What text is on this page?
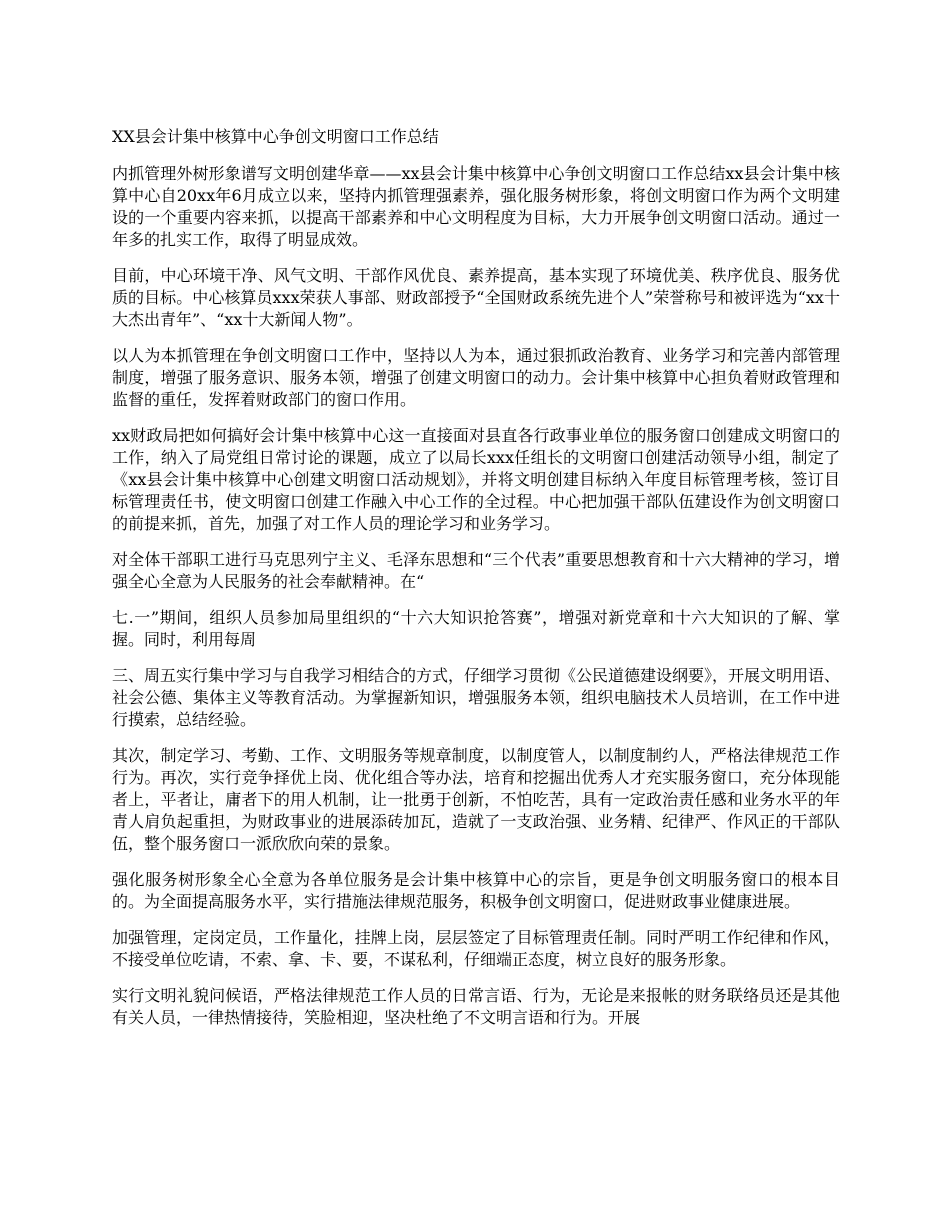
XX县会计集中核算中心争创文明窗口工作总结

内抓管理外树形象谱写文明创建华章——xx县会计集中核算中心争创文明窗口工作总结xx县会计集中核算中心自20xx年6月成立以来，坚持内抓管理强素养，强化服务树形象，将创文明窗口作为两个文明建设的一个重要内容来抓，以提高干部素养和中心文明程度为目标，大力开展争创文明窗口活动。通过一年多的扎实工作，取得了明显成效。

目前，中心环境干净、风气文明、干部作风优良、素养提高，基本实现了环境优美、秩序优良、服务优质的目标。中心核算员xxx荣获人事部、财政部授予“全国财政系统先进个人”荣誉称号和被评选为“xx十大杰出青年”、“xx十大新闻人物”。

以人为本抓管理在争创文明窗口工作中，坚持以人为本，通过狠抓政治教育、业务学习和完善内部管理制度，增强了服务意识、服务本领，增强了创建文明窗口的动力。会计集中核算中心担负着财政管理和监督的重任，发挥着财政部门的窗口作用。

xx财政局把如何搞好会计集中核算中心这一直接面对县直各行政事业单位的服务窗口创建成文明窗口的工作，纳入了局党组日常讨论的课题，成立了以局长xxx任组长的文明窗口创建活动领导小组，制定了《xx县会计集中核算中心创建文明窗口活动规划》，并将文明创建目标纳入年度目标管理考核，签订目标管理责任书，使文明窗口创建工作融入中心工作的全过程。中心把加强干部队伍建设作为创文明窗口的前提来抓，首先，加强了对工作人员的理论学习和业务学习。

对全体干部职工进行马克思列宁主义、毛泽东思想和“三个代表”重要思想教育和十六大精神的学习，增强全心全意为人民服务的社会奉献精神。在“

七.一”期间，组织人员参加局里组织的“十六大知识抢答赛”，增强对新党章和十六大知识的了解、掌握。同时，利用每周

三、周五实行集中学习与自我学习相结合的方式，仔细学习贯彻《公民道德建设纲要》，开展文明用语、社会公德、集体主义等教育活动。为掌握新知识，增强服务本领，组织电脑技术人员培训，在工作中进行摸索，总结经验。

其次，制定学习、考勤、工作、文明服务等规章制度，以制度管人，以制度制约人，严格法律规范工作行为。再次，实行竞争择优上岗、优化组合等办法，培育和挖掘出优秀人才充实服务窗口，充分体现能者上，平者让，庸者下的用人机制，让一批勇于创新，不怕吃苦，具有一定政治责任感和业务水平的年青人肩负起重担，为财政事业的进展添砖加瓦，造就了一支政治强、业务精、纪律严、作风正的干部队伍，整个服务窗口一派欣欣向荣的景象。

强化服务树形象全心全意为各单位服务是会计集中核算中心的宗旨，更是争创文明服务窗口的根本目的。为全面提高服务水平，实行措施法律规范服务，积极争创文明窗口，促进财政事业健康进展。

加强管理，定岗定员，工作量化，挂牌上岗，层层签定了目标管理责任制。同时严明工作纪律和作风，不接受单位吃请，不索、拿、卡、要，不谋私利，仔细端正态度，树立良好的服务形象。

实行文明礼貌问候语，严格法律规范工作人员的日常言语、行为，无论是来报帐的财务联络员还是其他有关人员，一律热情接待，笑脸相迎，坚决杜绝了不文明言语和行为。开展
